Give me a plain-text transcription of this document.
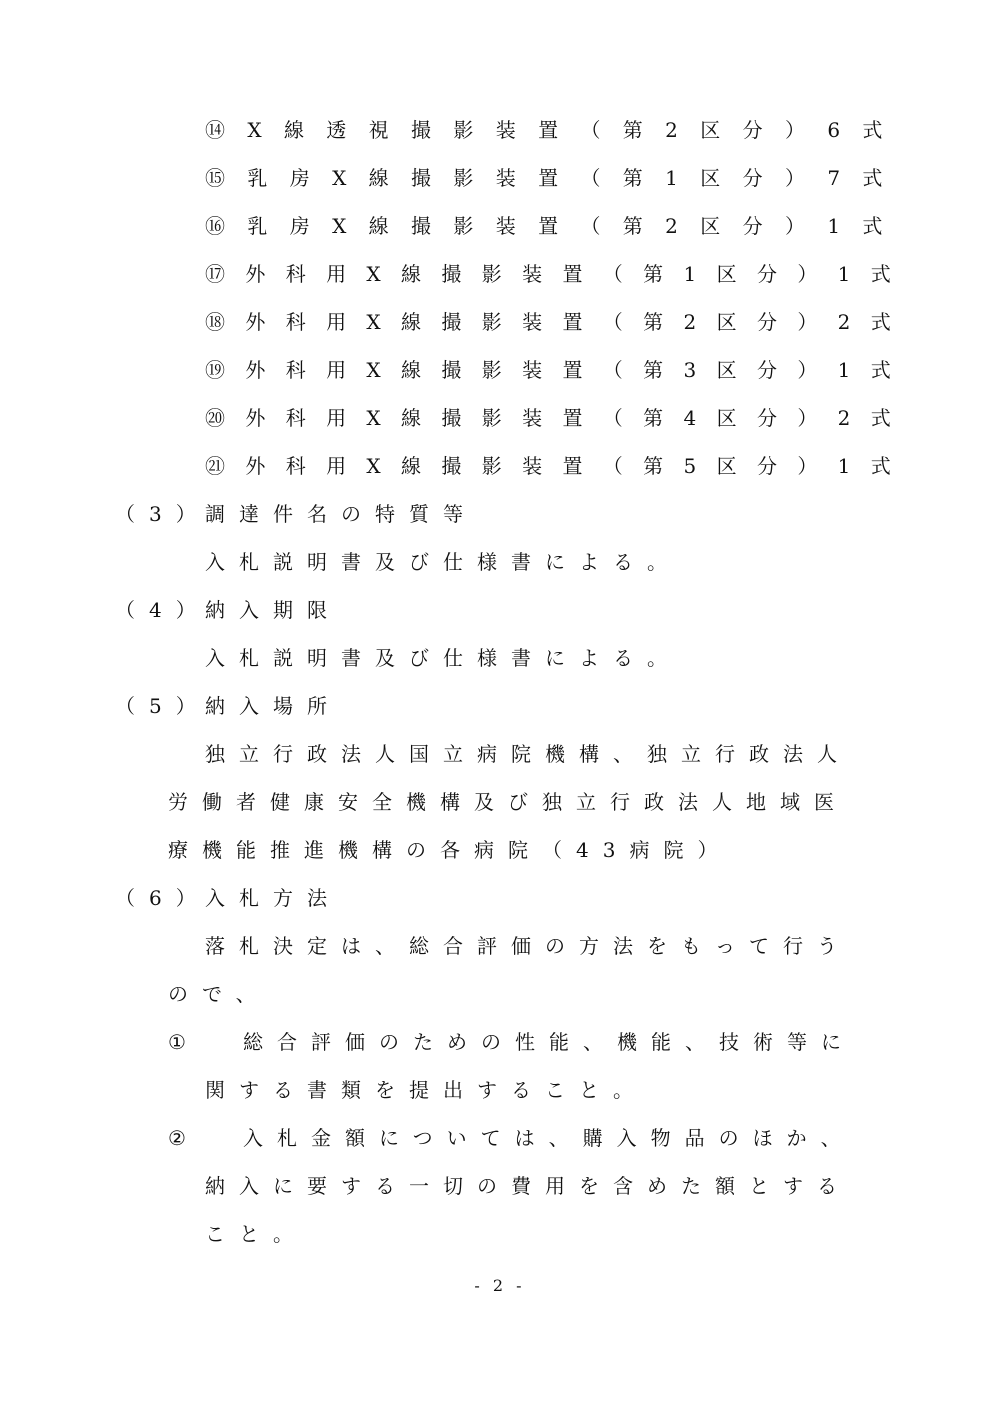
⑭ X 線 透 視 撮 影 装 置 （ 第 2 区 分 ） 6 式
⑮ 乳 房 X 線 撮 影 装 置 （ 第 1 区 分 ） 7 式
⑯ 乳 房 X 線 撮 影 装 置 （ 第 2 区 分 ） 1 式
⑰ 外 科 用 X 線 撮 影 装 置 （ 第 1 区 分 ） 1 式
⑱ 外 科 用 X 線 撮 影 装 置 （ 第 2 区 分 ） 2 式
⑲ 外 科 用 X 線 撮 影 装 置 （ 第 3 区 分 ） 1 式
⑳ 外 科 用 X 線 撮 影 装 置 （ 第 4 区 分 ） 2 式
㉑ 外 科 用 X 線 撮 影 装 置 （ 第 5 区 分 ） 1 式
（3）
調達件名の特質等
入札説明書及び仕様書による。
（4）
納入期限
入札説明書及び仕様書による。
（5）
納入場所
独立行政法人国立病院機構、独立行政法人
労働者健康安全機構及び独立行政法人地域医
療機能推進機構の各病院（43病院）
（6）
入札方法
落札決定は、総合評価の方法をもって行う
ので、
① 総合評価のための性能、機能、技術等に
関する書類を提出すること。
② 入札金額については、購入物品のほか、
納入に要する一切の費用を含めた額とする
こと。
- 2 -
